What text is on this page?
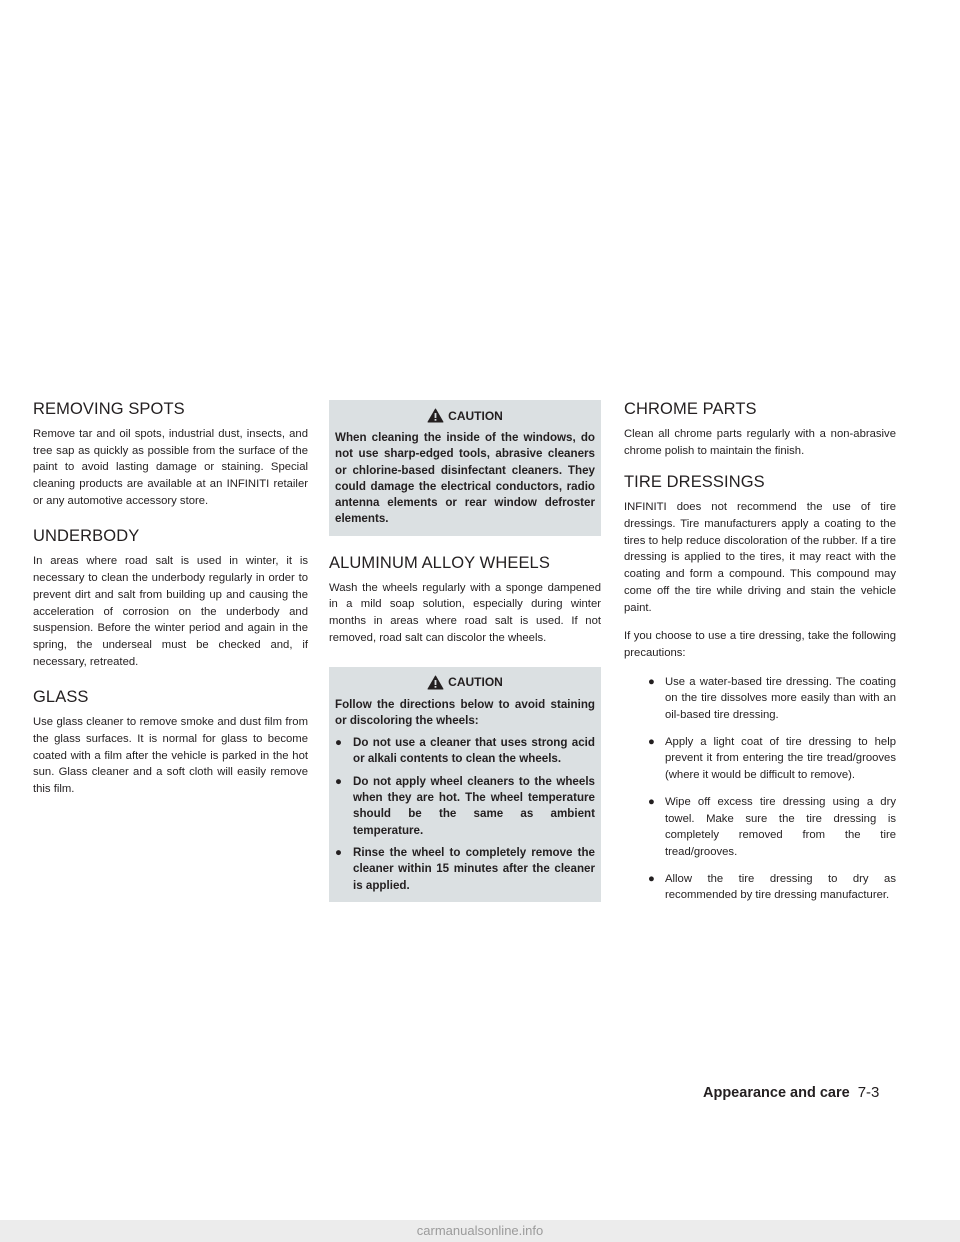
REMOVING SPOTS

Remove tar and oil spots, industrial dust, insects, and tree sap as quickly as possible from the surface of the paint to avoid lasting damage or staining. Special cleaning products are available at an INFINITI retailer or any automotive accessory store.

UNDERBODY

In areas where road salt is used in winter, it is necessary to clean the underbody regularly in order to prevent dirt and salt from building up and causing the acceleration of corrosion on the underbody and suspension. Before the winter period and again in the spring, the underseal must be checked and, if necessary, retreated.

GLASS

Use glass cleaner to remove smoke and dust film from the glass surfaces. It is normal for glass to become coated with a film after the vehicle is parked in the hot sun. Glass cleaner and a soft cloth will easily remove this film.

CAUTION

When cleaning the inside of the windows, do not use sharp-edged tools, abrasive cleaners or chlorine-based disinfectant cleaners. They could damage the electrical conductors, radio antenna elements or rear window defroster elements.

ALUMINUM ALLOY WHEELS

Wash the wheels regularly with a sponge dampened in a mild soap solution, especially during winter months in areas where road salt is used. If not removed, road salt can discolor the wheels.

CAUTION

Follow the directions below to avoid staining or discoloring the wheels:

● Do not use a cleaner that uses strong acid or alkali contents to clean the wheels.
● Do not apply wheel cleaners to the wheels when they are hot. The wheel temperature should be the same as ambient temperature.
● Rinse the wheel to completely remove the cleaner within 15 minutes after the cleaner is applied.
CHROME PARTS

Clean all chrome parts regularly with a non-abrasive chrome polish to maintain the finish.

TIRE DRESSINGS

INFINITI does not recommend the use of tire dressings. Tire manufacturers apply a coating to the tires to help reduce discoloration of the rubber. If a tire dressing is applied to the tires, it may react with the coating and form a compound. This compound may come off the tire while driving and stain the vehicle paint.

If you choose to use a tire dressing, take the following precautions:

● Use a water-based tire dressing. The coating on the tire dissolves more easily than with an oil-based tire dressing.
● Apply a light coat of tire dressing to help prevent it from entering the tire tread/grooves (where it would be difficult to remove).
● Wipe off excess tire dressing using a dry towel. Make sure the tire dressing is completely removed from the tire tread/grooves.
● Allow the tire dressing to dry as recommended by tire dressing manufacturer.
Appearance and care 7-3
carmanualsonline.info
